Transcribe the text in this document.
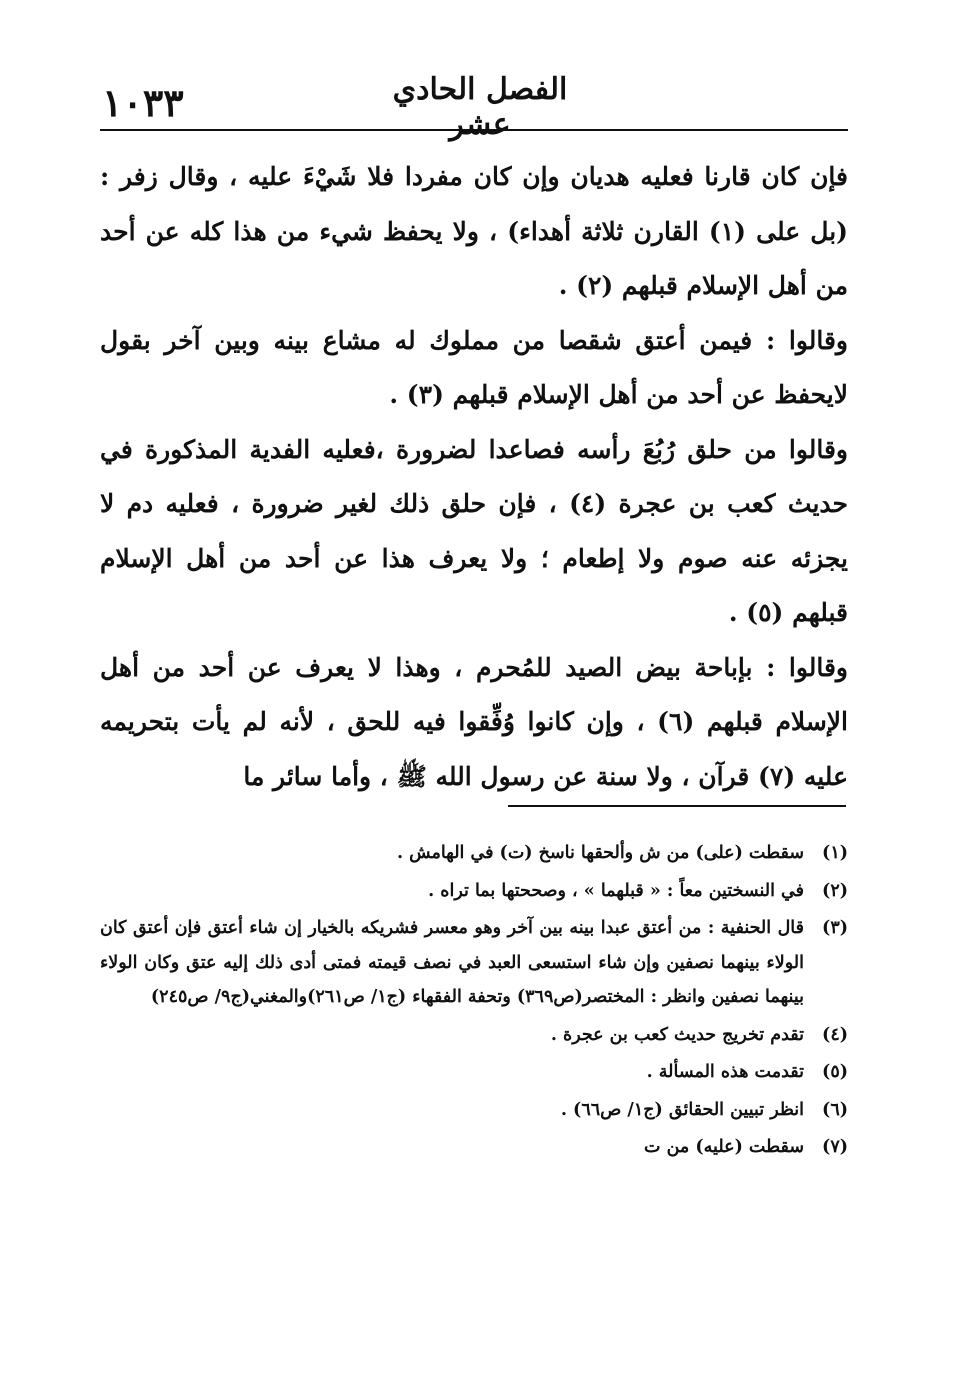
١٠٣٣	الفصل الحادي عشر

فإن كان قارنا فعليه هديان وإن كان مفردا فلا شَيْءَ عليه ، وقال زفر : (بل على (١) القارن ثلاثة أهداء) ، ولا يحفظ شيء من هذا كله عن أحد من أهل الإسلام قبلهم (٢) .

وقالوا : فيمن أعتق شقصا من مملوك له مشاع بينه وبين آخر بقول لايحفظ عن أحد من أهل الإسلام قبلهم (٣) .

وقالوا من حلق رُبُعَ رأسه فصاعدا لضرورة ،فعليه الفدية المذكورة في حديث كعب بن عجرة (٤) ، فإن حلق ذلك لغير ضرورة ، فعليه دم لا يجزئه عنه صوم ولا إطعام ؛ ولا يعرف هذا عن أحد من أهل الإسلام قبلهم (٥) .

وقالوا : بإباحة بيض الصيد للمُحرم ، وهذا لا يعرف عن أحد من أهل الإسلام قبلهم (٦) ، وإن كانوا وُفِّقوا فيه للحق ، لأنه لم يأت بتحريمه عليه (٧) قرآن ، ولا سنة عن رسول الله ﷺ ، وأما سائر ما

(١)
سقطت (على) من ش وألحقها ناسخ (ت) في الهامش .
(٢)
في النسختين معاً : « قبلهما » ، وصححتها بما تراه .
(٣)
قال الحنفية : من أعتق عبدا بينه بين آخر وهو معسر فشريكه بالخيار إن شاء أعتق فإن أعتق كان الولاء بينهما نصفين وإن شاء استسعى العبد في نصف قيمته فمتى أدى ذلك إليه عتق وكان الولاء بينهما نصفين وانظر : المختصر(ص٣٦٩) وتحفة الفقهاء (ج١/ ص٢٦١)والمغني(ج٩/ ص٢٤٥)
(٤)
تقدم تخريج حديث كعب بن عجرة .
(٥)
تقدمت هذه المسألة .
(٦)
انظر تبيين الحقائق (ج١/ ص٦٦) .
(٧)
سقطت (عليه) من ت
